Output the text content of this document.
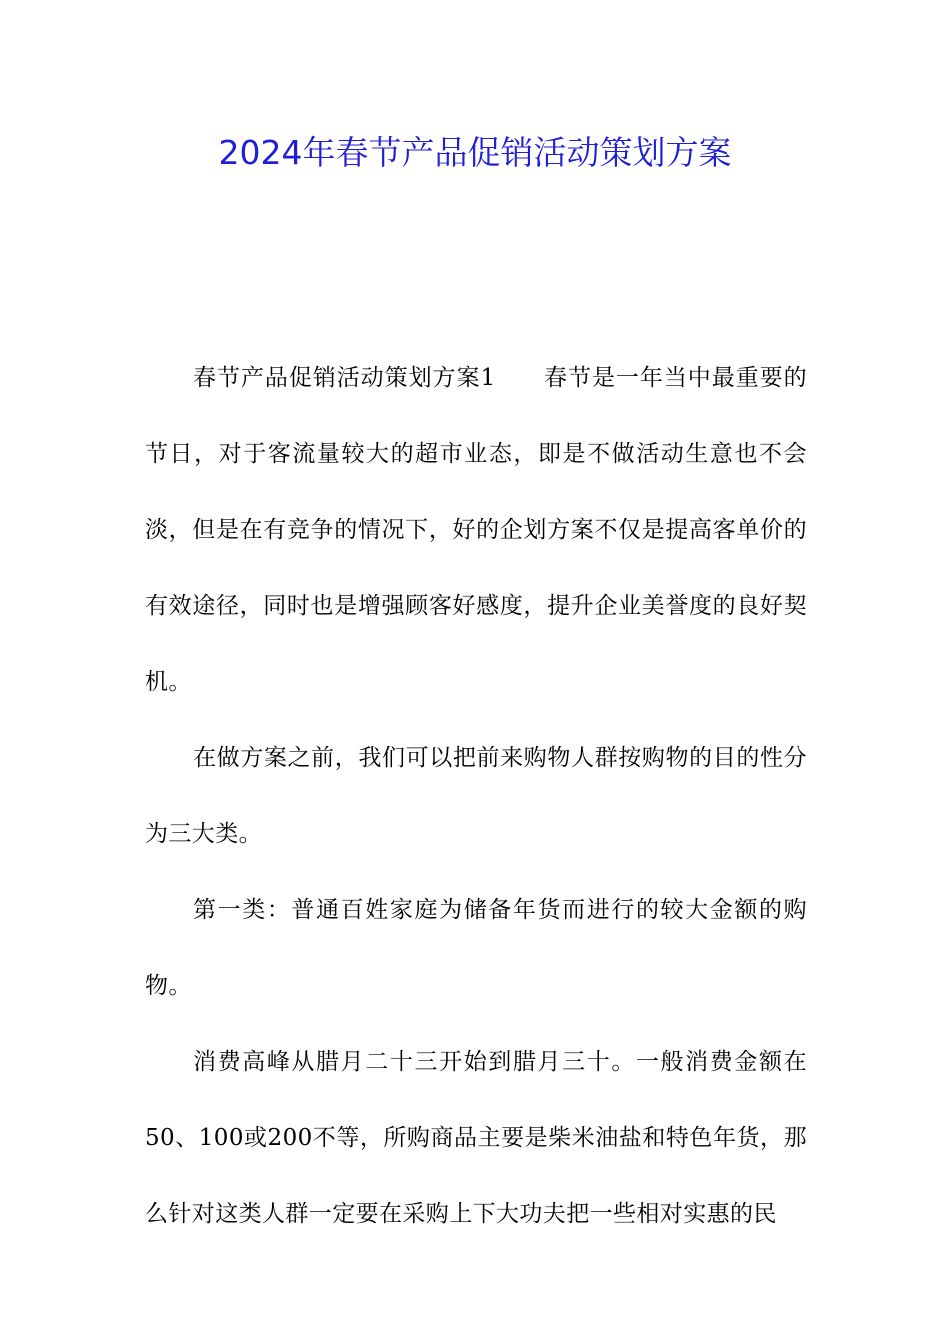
2024年春节产品促销活动策划方案

春节产品促销活动策划方案1 春节是一年当中最重要的节日，对于客流量较大的超市业态，即是不做活动生意也不会淡，但是在有竞争的情况下，好的企划方案不仅是提高客单价的有效途径，同时也是增强顾客好感度，提升企业美誉度的良好契机。

在做方案之前，我们可以把前来购物人群按购物的目的性分为三大类。

第一类：普通百姓家庭为储备年货而进行的较大金额的购物。

消费高峰从腊月二十三开始到腊月三十。一般消费金额在50、100或200不等，所购商品主要是柴米油盐和特色年货，那么针对这类人群一定要在采购上下大功夫把一些相对实惠的民
